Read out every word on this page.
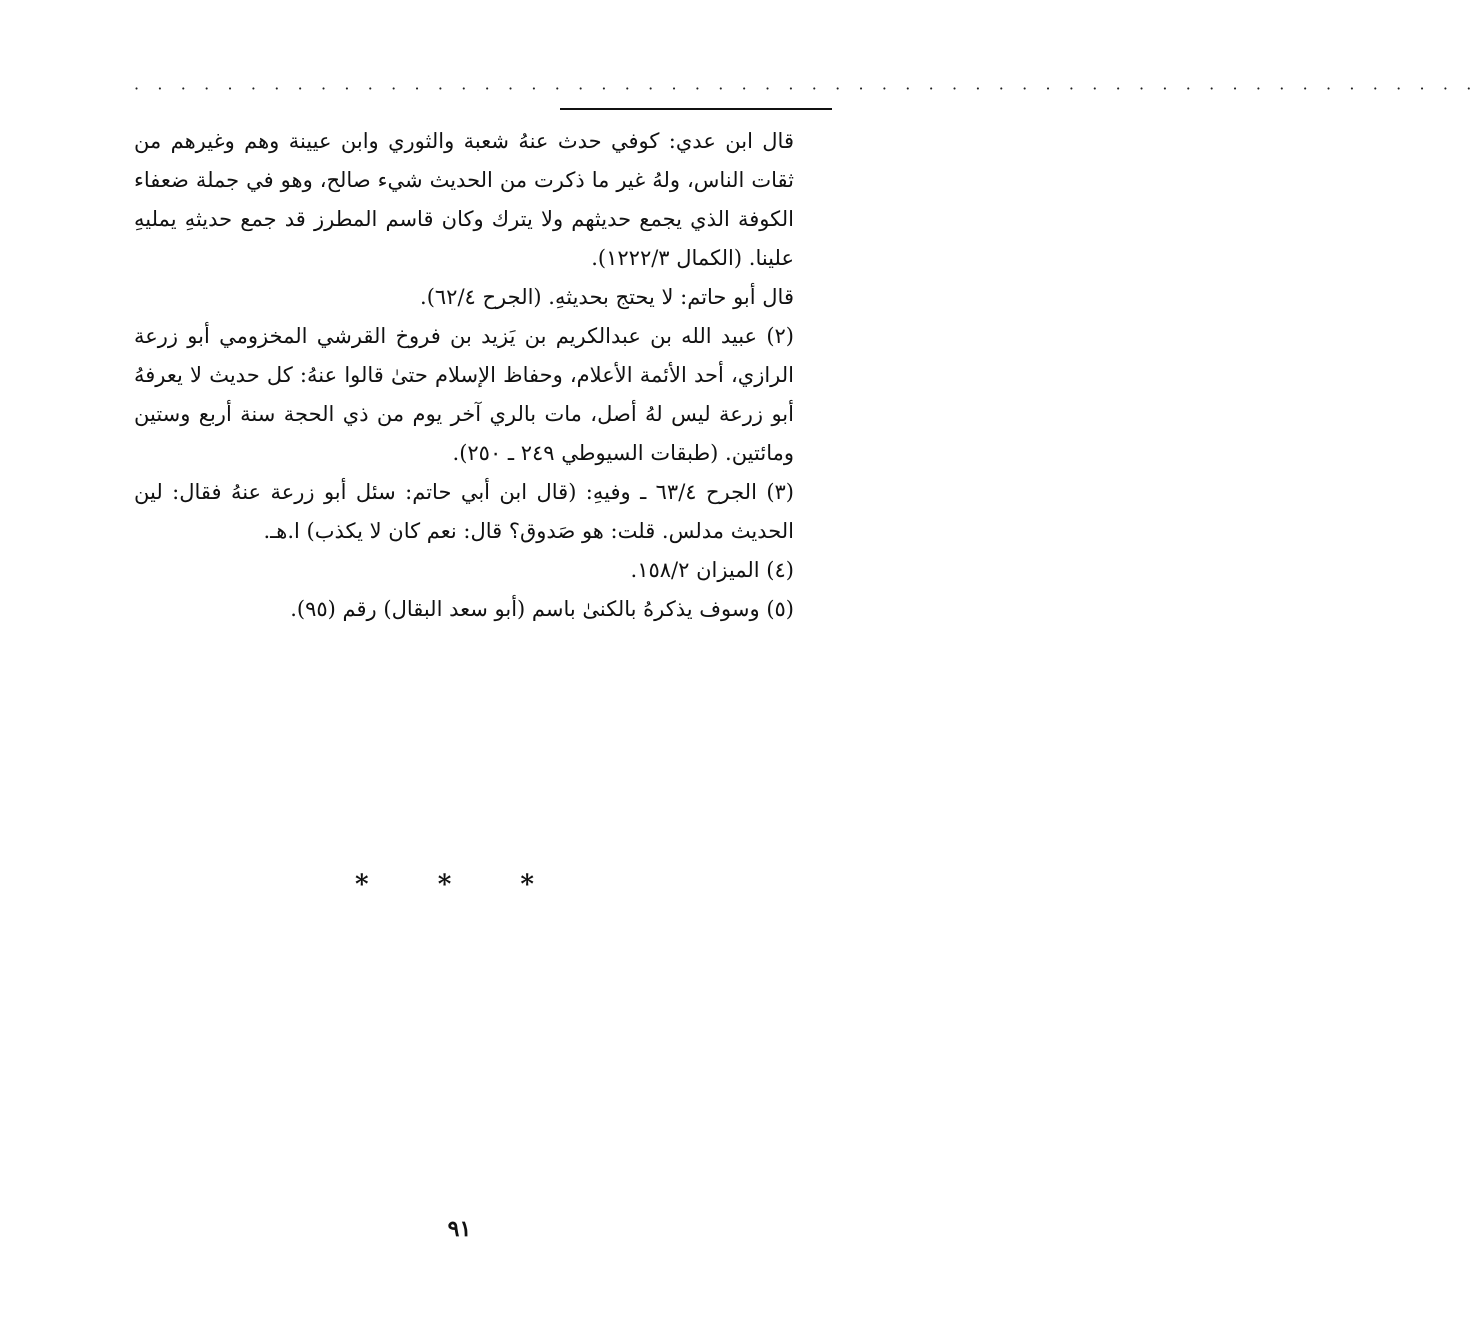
· · · · · · · · · · · · · · · · · · · · · · · · · · · · · · · · · · · · · · · · · · · · · · · · · · · · · · · · · ·

قال ابن عدي: كوفي حدث عنهُ شعبة والثوري وابن عيينة وهم وغيرهم من ثقات الناس، ولهُ غير ما ذكرت من الحديث شيء صالح، وهو في جملة ضعفاء الكوفة الذي يجمع حديثهم ولا يترك وكان قاسم المطرز قد جمع حديثهِ يمليهِ علينا. (الكمال ١٢٢٢/٣).

قال أبو حاتم: لا يحتج بحديثهِ. (الجرح ٦٢/٤).

(٢) عبيد الله بن عبدالكريم بن يَزيد بن فروخ القرشي المخزومي أبو زرعة الرازي، أحد الأئمة الأعلام، وحفاظ الإسلام حتىٰ قالوا عنهُ: كل حديث لا يعرفهُ أبو زرعة ليس لهُ أصل، مات بالري آخر يوم من ذي الحجة سنة أربع وستين ومائتين. (طبقات السيوطي ٢٤٩ ـ ٢٥٠).

(٣) الجرح ٦٣/٤ ـ وفيهِ: (قال ابن أبي حاتم: سئل أبو زرعة عنهُ فقال: لين الحديث مدلس. قلت: هو صَدوق؟ قال: نعم كان لا يكذب) ا.هـ.

(٤) الميزان ١٥٨/٢.

(٥) وسوف يذكرهُ بالكنىٰ باسم (أبو سعد البقال) رقم (٩٥).

* * *
٩١
